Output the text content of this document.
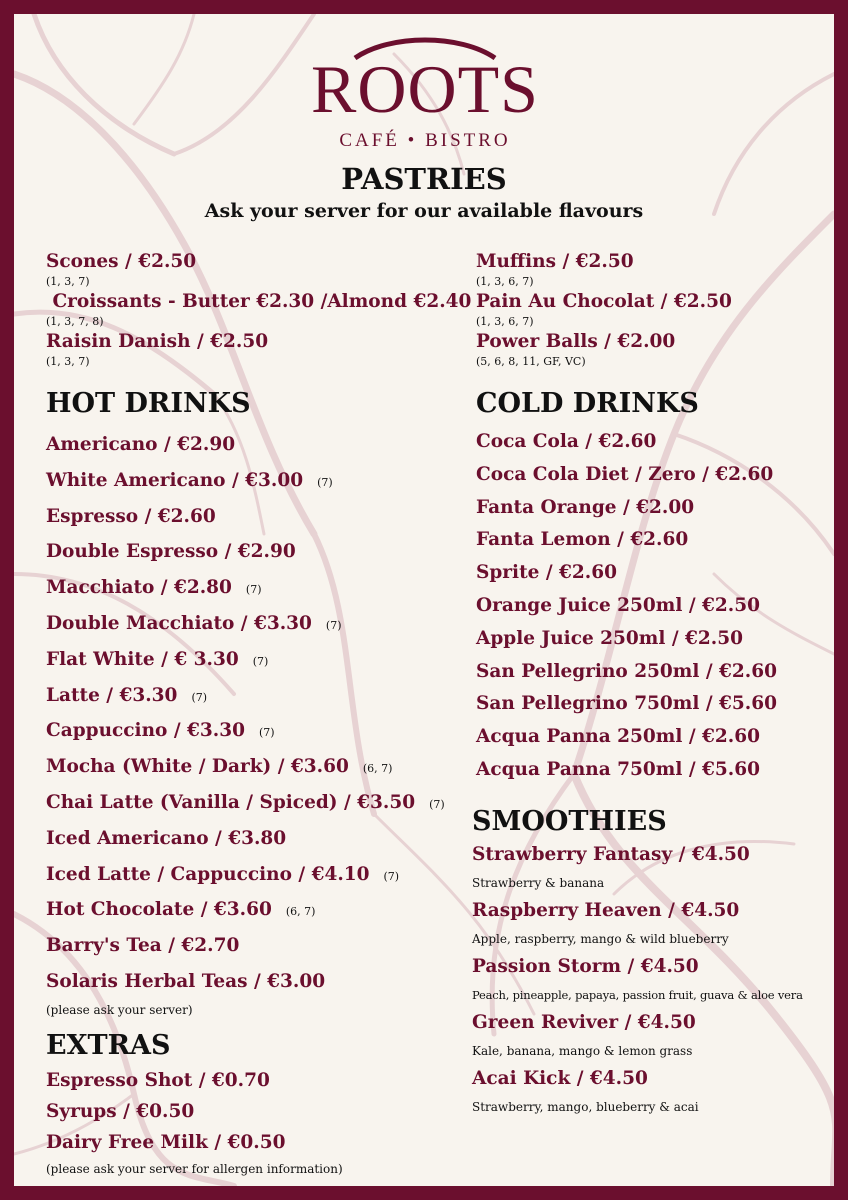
ROOTS
CAFÉ • BISTRO
PASTRIES
Ask your server for our available flavours
Scones / €2.50
(1, 3, 7)
Croissants - Butter €2.30 /Almond €2.40
(1, 3, 7, 8)
Raisin Danish / €2.50
(1, 3, 7)
HOT DRINKS
Americano / €2.90
White Americano / €3.00 (7)
Espresso / €2.60
Double Espresso / €2.90
Macchiato / €2.80 (7)
Double Macchiato / €3.30 (7)
Flat White / € 3.30 (7)
Latte / €3.30 (7)
Cappuccino / €3.30 (7)
Mocha (White / Dark) / €3.60 (6, 7)
Chai Latte (Vanilla / Spiced) / €3.50 (7)
Iced Americano / €3.80
Iced Latte / Cappuccino / €4.10 (7)
Hot Chocolate / €3.60 (6, 7)
Barry's Tea / €2.70
Solaris Herbal Teas / €3.00
(please ask your server)
EXTRAS
Espresso Shot / €0.70
Syrups / €0.50
Dairy Free Milk / €0.50
(please ask your server for allergen information)
Muffins / €2.50
(1, 3, 6, 7)
Pain Au Chocolat / €2.50
(1, 3, 6, 7)
Power Balls / €2.00
(5, 6, 8, 11, GF, VC)
COLD DRINKS
Coca Cola / €2.60
Coca Cola Diet / Zero / €2.60
Fanta Orange / €2.00
Fanta Lemon / €2.60
Sprite / €2.60
Orange Juice 250ml / €2.50
Apple Juice 250ml / €2.50
San Pellegrino 250ml / €2.60
San Pellegrino 750ml / €5.60
Acqua Panna 250ml / €2.60
Acqua Panna 750ml / €5.60
SMOOTHIES
Strawberry Fantasy / €4.50
Strawberry & banana
Raspberry Heaven / €4.50
Apple, raspberry, mango & wild blueberry
Passion Storm / €4.50
Peach, pineapple, papaya, passion fruit, guava & aloe vera
Green Reviver / €4.50
Kale, banana, mango & lemon grass
Acai Kick / €4.50
Strawberry, mango, blueberry & acai
